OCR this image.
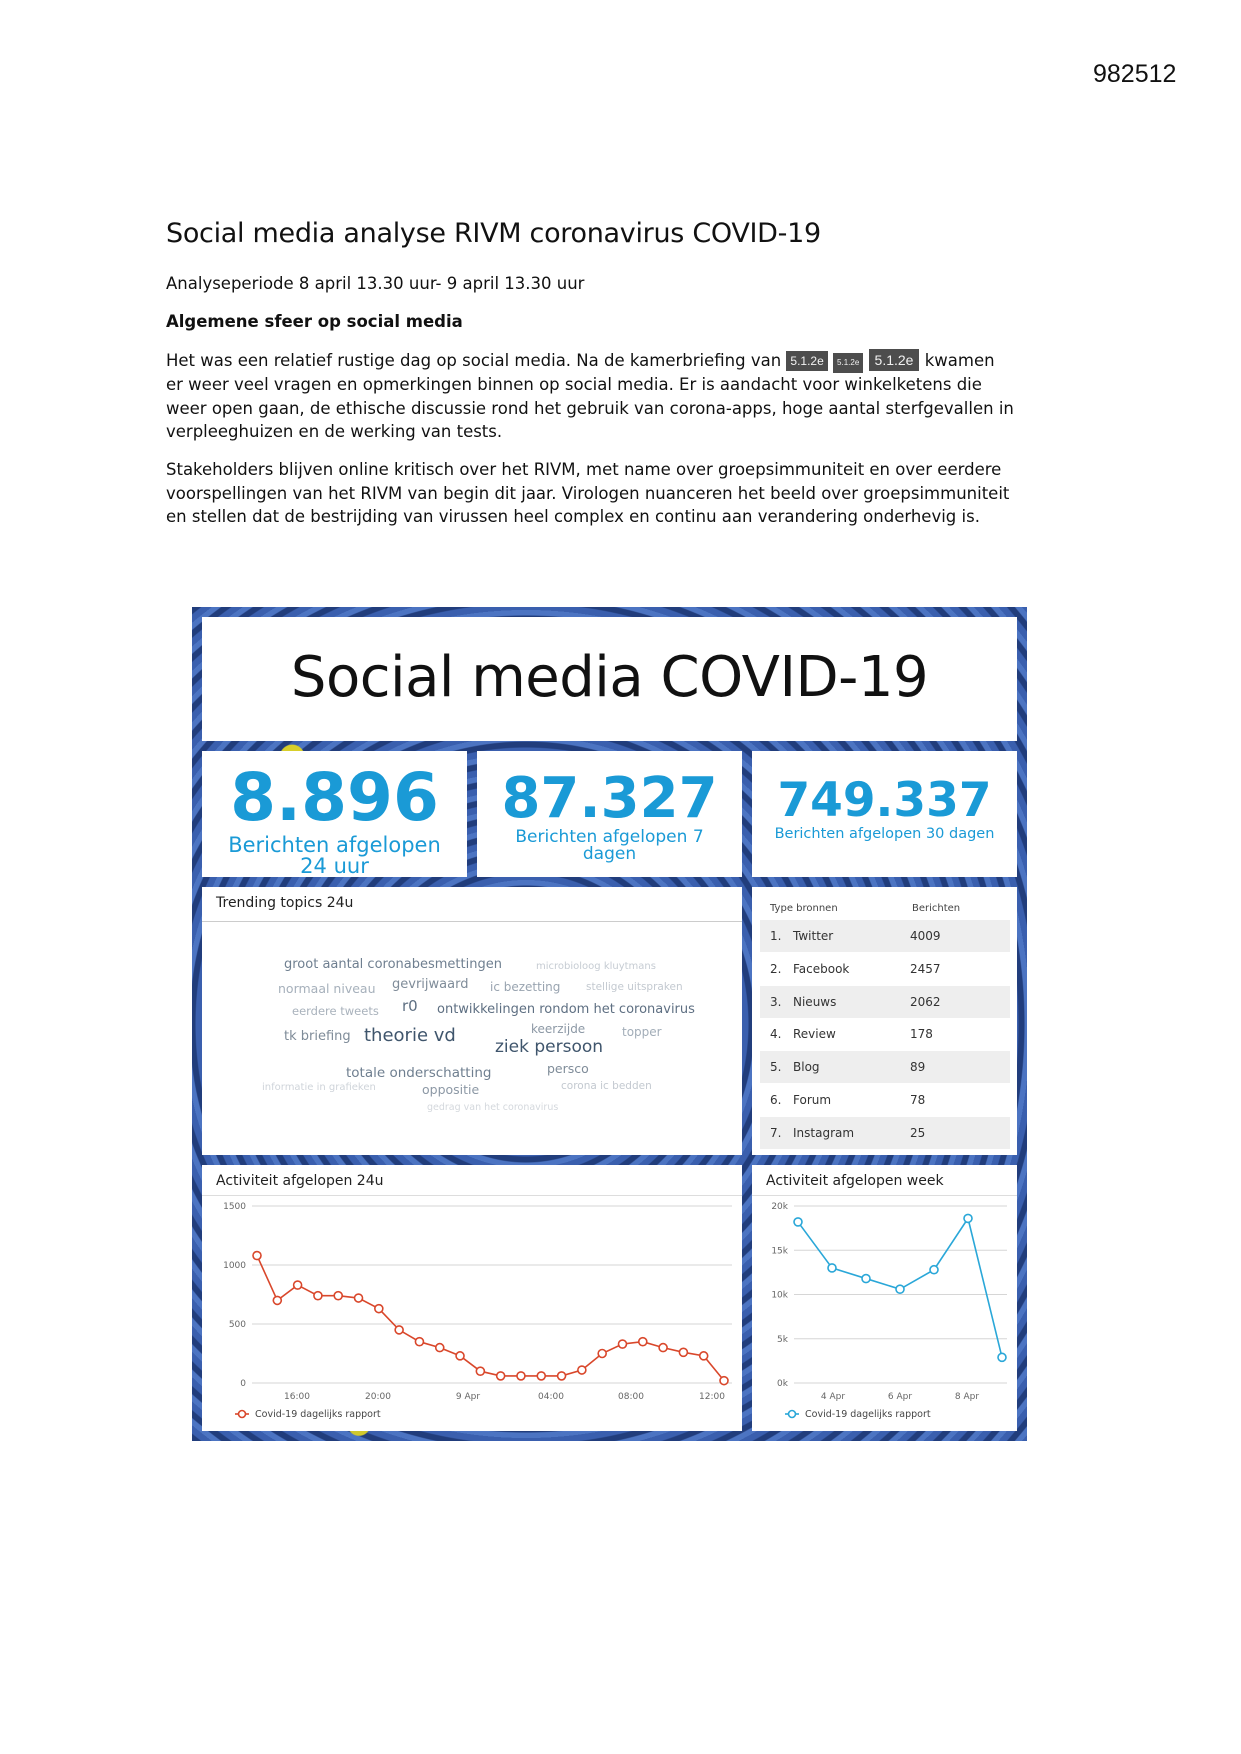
982512
Social media analyse RIVM coronavirus COVID-19
Analyseperiode 8 april 13.30 uur- 9 april 13.30 uur
Algemene sfeer op social media
Het was een relatief rustige dag op social media. Na de kamerbriefing van 5.1.2e 5.1.2e 5.1.2e kwamen er weer veel vragen en opmerkingen binnen op social media. Er is aandacht voor winkelketens die weer open gaan, de ethische discussie rond het gebruik van corona-apps, hoge aantal sterfgevallen in verpleeghuizen en de werking van tests.
Stakeholders blijven online kritisch over het RIVM, met name over groepsimmuniteit en over eerdere voorspellingen van het RIVM van begin dit jaar. Virologen nuanceren het beeld over groepsimmuniteit en stellen dat de bestrijding van virussen heel complex en continu aan verandering onderhevig is.
Social media COVID-19
8.896
Berichten afgelopen 24 uur
87.327
Berichten afgelopen 7 dagen
749.337
Berichten afgelopen 30 dagen
Trending topics 24u
groot aantal coronabesmettingen	microbioloog kluytmans
normaal niveau gevrijwaard ic bezetting stellige uitspraken
eerdere tweets r0 ontwikkelingen rondom het coronavirus
keerzijde	topper
tk briefing theorie vd
ziek persoon
totale onderschatting	persco
corona ic bedden
informatie in grafieken	oppositie
gedrag van het coronavirus
Type bronnen	Berichten
1. Twitter	4009
2. Facebook	2457
3. Nieuws	2062
4. Review	178
5. Blog	89
6. Forum	78
7. Instagram	25
Activiteit afgelopen 24u
0
500
1000
1500
16:00	20:00	9 Apr	04:00	08:00	12:00
Covid-19 dagelijks rapport
Activiteit afgelopen week
0k
5k
10k
15k
20k
4 Apr	6 Apr	8 Apr
Covid-19 dagelijks rapport
